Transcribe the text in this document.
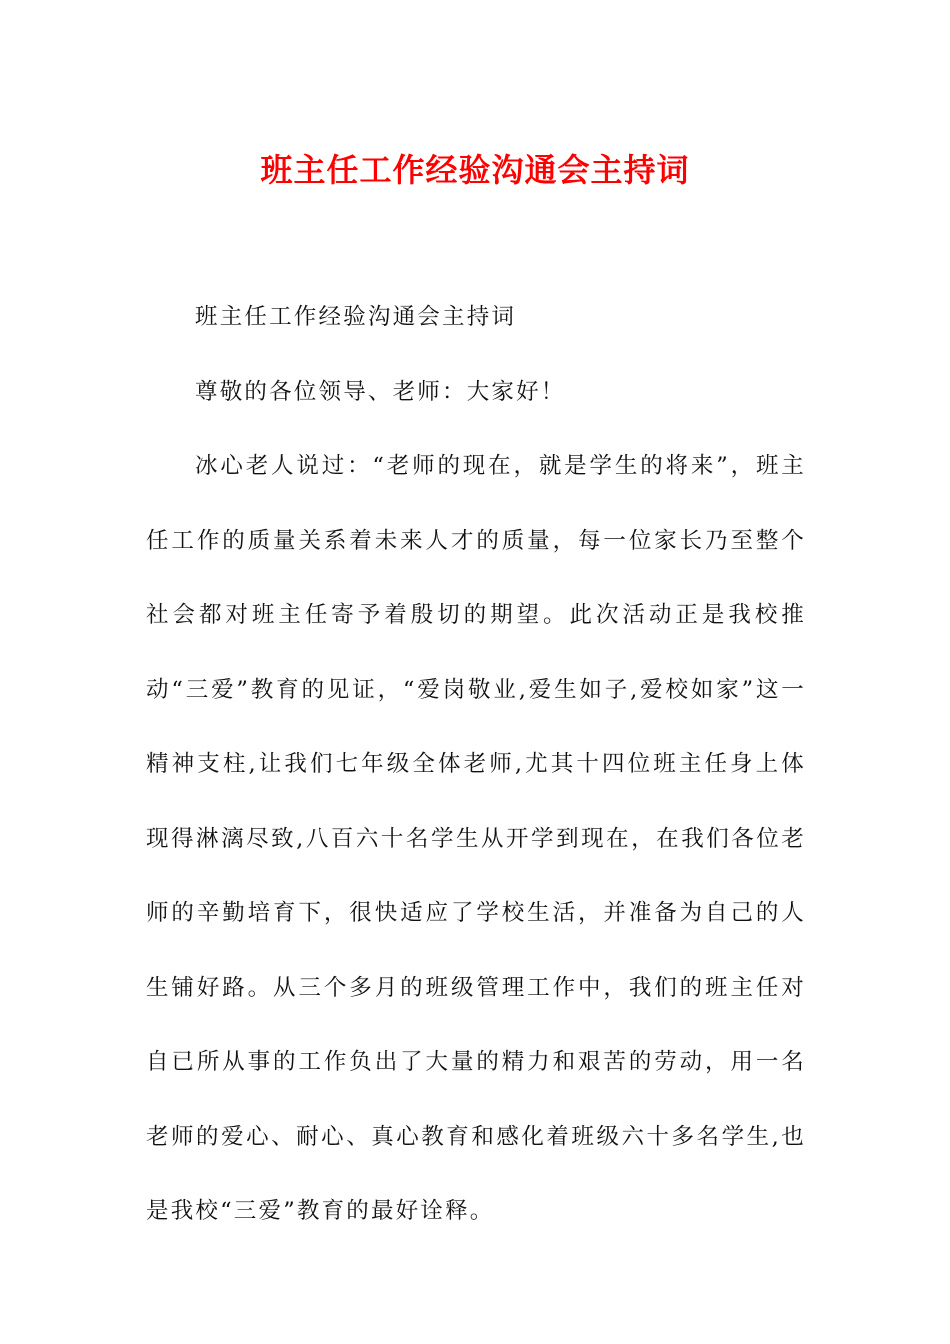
班主任工作经验沟通会主持词

班主任工作经验沟通会主持词

尊敬的各位领导、老师：大家好！

冰心老人说过：“老师的现在，就是学生的将来”，班主任工作的质量关系着未来人才的质量，每一位家长乃至整个社会都对班主任寄予着殷切的期望。此次活动正是我校推动“三爱”教育的见证，“爱岗敬业,爱生如子,爱校如家”这一精神支柱,让我们七年级全体老师,尤其十四位班主任身上体现得淋漓尽致,八百六十名学生从开学到现在，在我们各位老师的辛勤培育下，很快适应了学校生活，并准备为自己的人生铺好路。从三个多月的班级管理工作中，我们的班主任对自已所从事的工作负出了大量的精力和艰苦的劳动，用一名老师的爱心、耐心、真心教育和感化着班级六十多名学生,也是我校“三爱”教育的最好诠释。
